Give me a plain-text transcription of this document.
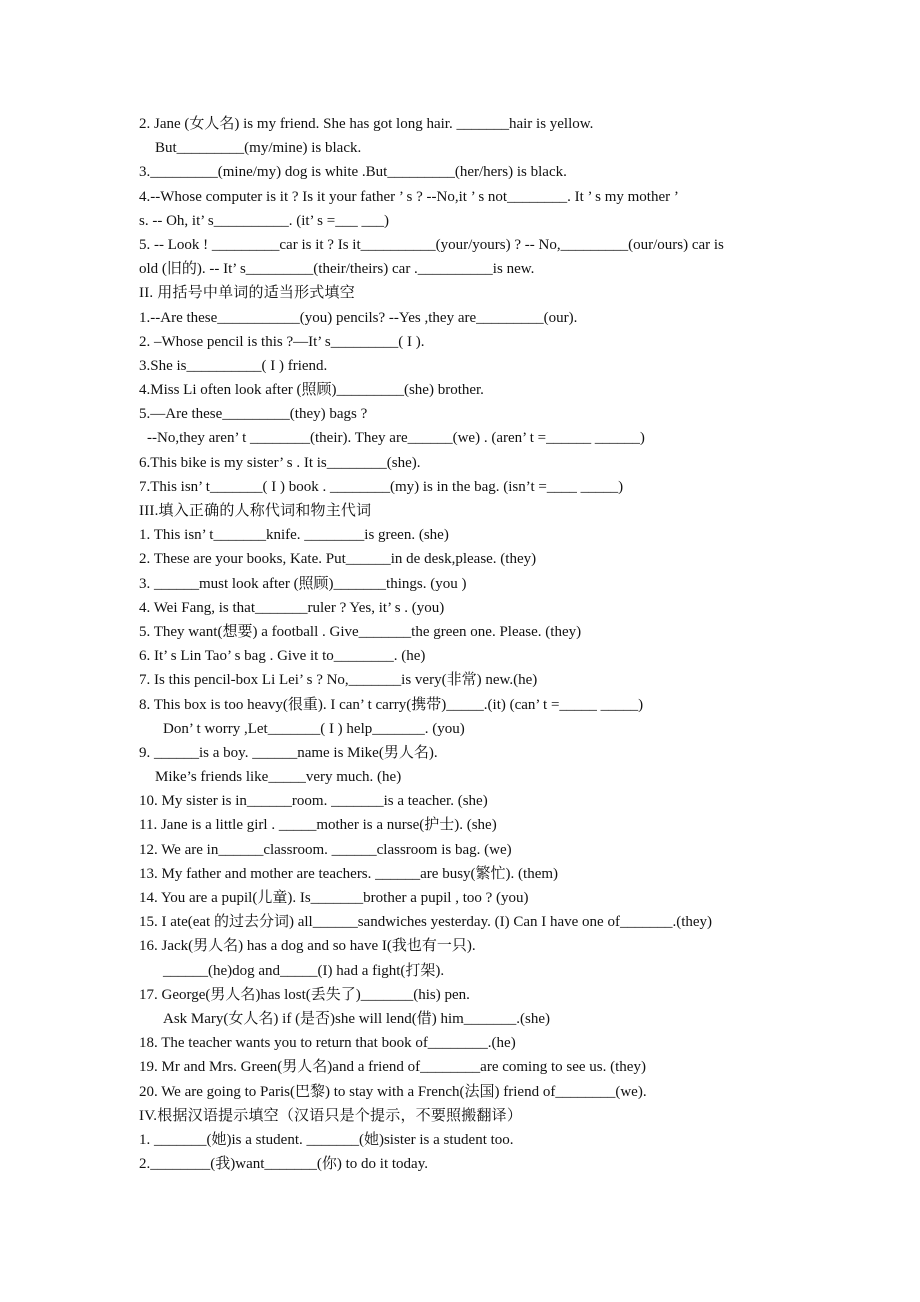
2. Jane (女人名) is my friend. She has got long hair. _______hair is yellow.
But_________(my/mine) is black.
3._________(mine/my) dog is white .But_________(her/hers) is black.
4.--Whose computer is it ? Is it your father ’ s ? --No,it ’ s not________. It ’ s my mother ’
s. -- Oh, it’ s__________. (it’ s =___ ___)
5. -- Look ! _________car is it ? Is it__________(your/yours) ? -- No,_________(our/ours) car is
old (旧的). -- It’ s_________(their/theirs) car .__________is new.
II. 用括号中单词的适当形式填空
1.--Are these___________(you) pencils? --Yes ,they are_________(our).
2. –Whose pencil is this ?—It’ s_________( I ).
3.She is__________( I ) friend.
4.Miss Li often look after (照顾)_________(she) brother.
5.—Are these_________(they) bags ?
--No,they aren’ t ________(their). They are______(we) . (aren’ t =______ ______)
6.This bike is my sister’ s . It is________(she).
7.This isn’ t_______( I ) book . ________(my) is in the bag. (isn’t =____ _____)
III.填入正确的人称代词和物主代词
1. This isn’ t_______knife. ________is green. (she)
2. These are your books, Kate. Put______in de desk,please. (they)
3. ______must look after (照顾)_______things. (you )
4. Wei Fang, is that_______ruler ? Yes, it’ s . (you)
5. They want(想要) a football . Give_______the green one. Please. (they)
6. It’ s Lin Tao’ s bag . Give it to________. (he)
7. Is this pencil-box Li Lei’ s ? No,_______is very(非常) new.(he)
8. This box is too heavy(很重). I can’ t carry(携带)_____.(it) (can’ t =_____ _____)
Don’ t worry ,Let_______( I ) help_______. (you)
9. ______is a boy. ______name is Mike(男人名).
Mike’s friends like_____very much. (he)
10. My sister is in______room. _______is a teacher. (she)
11. Jane is a little girl . _____mother is a nurse(护士). (she)
12. We are in______classroom. ______classroom is bag. (we)
13. My father and mother are teachers. ______are busy(繁忙). (them)
14. You are a pupil(儿童). Is_______brother a pupil , too ? (you)
15. I ate(eat 的过去分词) all______sandwiches yesterday. (I) Can I have one of_______.(they)
16. Jack(男人名) has a dog and so have I(我也有一只).
______(he)dog and_____(I) had a fight(打架).
17. George(男人名)has lost(丢失了)_______(his) pen.
Ask Mary(女人名) if (是否)she will lend(借) him_______.(she)
18. The teacher wants you to return that book of________.(he)
19. Mr and Mrs. Green(男人名)and a friend of________are coming to see us. (they)
20. We are going to Paris(巴黎) to stay with a French(法国) friend of________(we).
IV.根据汉语提示填空（汉语只是个提示，不要照搬翻译）
1. _______(她)is a student. _______(她)sister is a student too.
2.________(我)want_______(你) to do it today.
